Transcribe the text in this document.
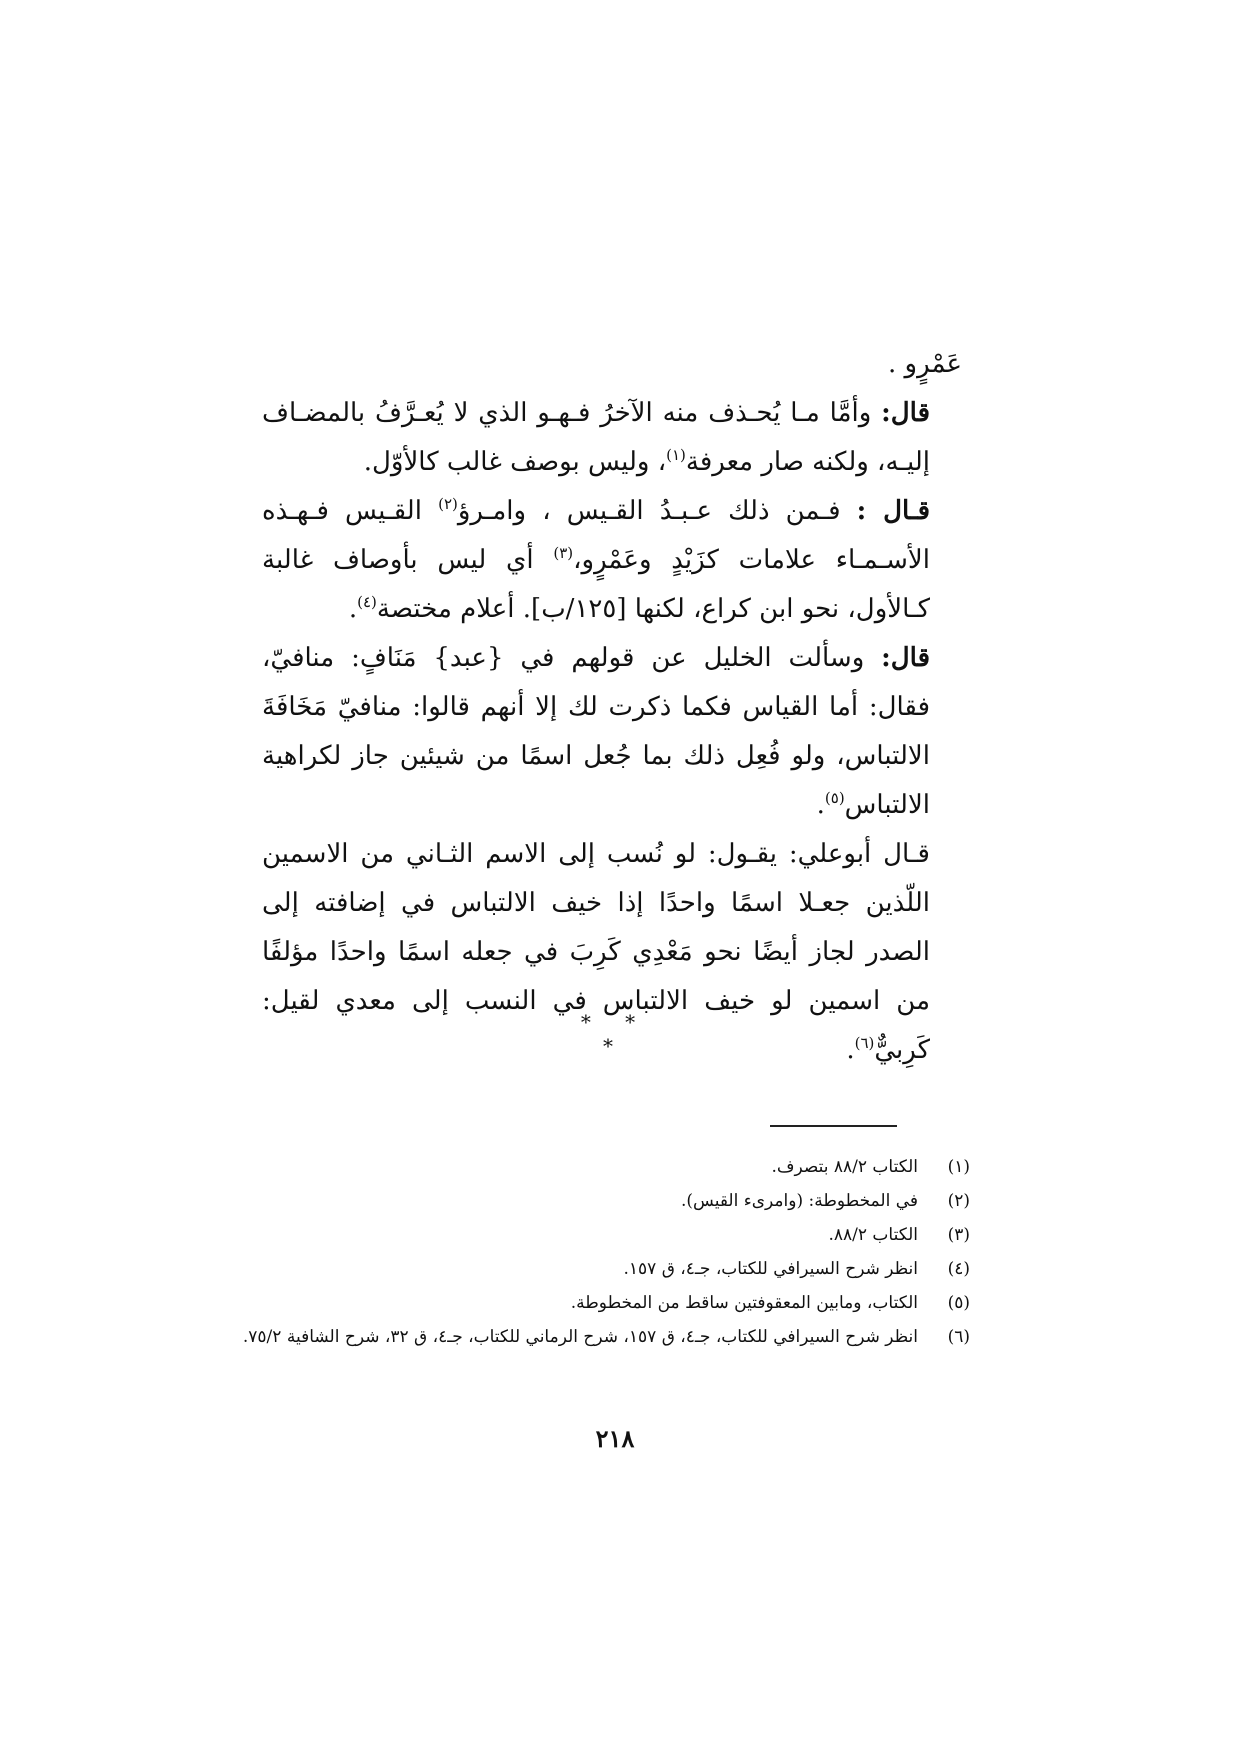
عَمْرٍو .

قال: وأمَّا مـا يُحـذف منه الآخرُ فـهـو الذي لا يُعـرَّفُ بالمضـاف إليـه، ولكنه صار معرفة$^{(١)}$، وليس بوصف غالب كالأوّل.

قـال : فـمن ذلك عـبـدُ القـيس ، وامـرؤ$^{(٢)}$ القـيس فـهـذه الأسـمـاء علامات كزَيْدٍ وعَمْرٍو،$^{(٣)}$ أي ليس بأوصاف غالبة كـالأول، نحو ابن كراع، لكنها [١٢٥/ب]. أعلام مختصة$^{(٤)}$.

قال: وسألت الخليل عن قولهم في {عبد} مَنَافٍ: منافيّ، فقال: أما القياس فكما ذكرت لك إلا أنهم قالوا: منافيّ مَخَافَةَ الالتباس، ولو فُعِل ذلك بما جُعل اسمًا من شيئين جاز لكراهية الالتباس$^{(٥)}$.

قـال أبوعلي: يقـول: لو نُسب إلى الاسم الثـاني من الاسمين اللّذين جعـلا اسمًا واحدًا إذا خيف الالتباس في إضافته إلى الصدر لجاز أيضًا نحو مَعْدِي كَرِبَ في جعله اسمًا واحدًا مؤلفًا من اسمين لو خيف الالتباس في النسب إلى معدي لقيل: كَرِبيٌّ$^{(٦)}$.

* * *
(١)
الكتاب ٨٨/٢ بتصرف.
(٢)
في المخطوطة: (وامرىء القيس).
(٣)
الكتاب ٨٨/٢.
(٤)
انظر شرح السيرافي للكتاب، جـ٤، ق ١٥٧.
(٥)
الكتاب، ومابين المعقوفتين ساقط من المخطوطة.
(٦)
انظر شرح السيرافي للكتاب، جـ٤، ق ١٥٧، شرح الرماني للكتاب، جـ٤، ق ٣٢، شرح الشافية ٧٥/٢.
٢١٨
